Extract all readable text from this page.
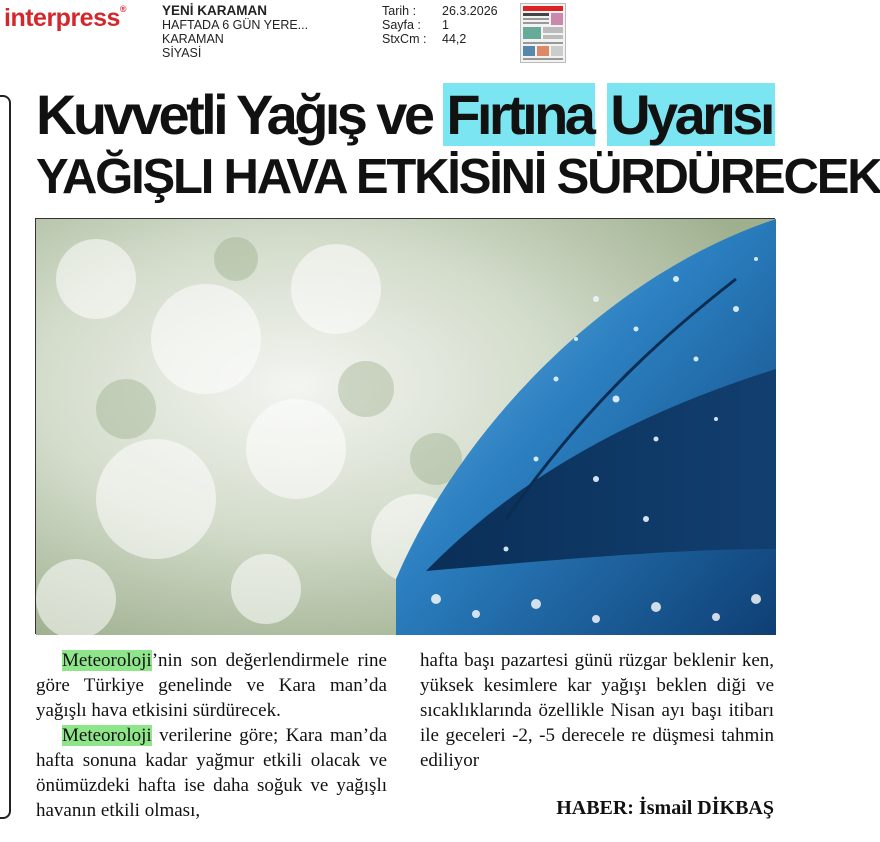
interpress®	YENİ KARAMAN
HAFTADA 6 GÜN YERE...
KARAMAN
SİYASİ
Tarih :	26.3.2026
Sayfa :	1
StxCm :	44,2
Kuvvetli Yağış ve Fırtına Uyarısı
YAĞIŞLI HAVA ETKİSİNİ SÜRDÜRECEK

Meteoroloji’nin son değerlendirmele rine göre Türkiye genelinde ve Kara man’da yağışlı hava etkisini sürdürecek.

Meteoroloji verilerine göre; Kara man’da hafta sonuna kadar yağmur etkili olacak ve önümüzdeki hafta ise daha soğuk ve yağışlı havanın etkili olması,

hafta başı pazartesi günü rüzgar beklenir ken, yüksek kesimlere kar yağışı beklen diği ve sıcaklıklarında özellikle Nisan ayı başı itibarı ile geceleri -2, -5 derecele re düşmesi tahmin ediliyor

HABER: İsmail DİKBAŞ
